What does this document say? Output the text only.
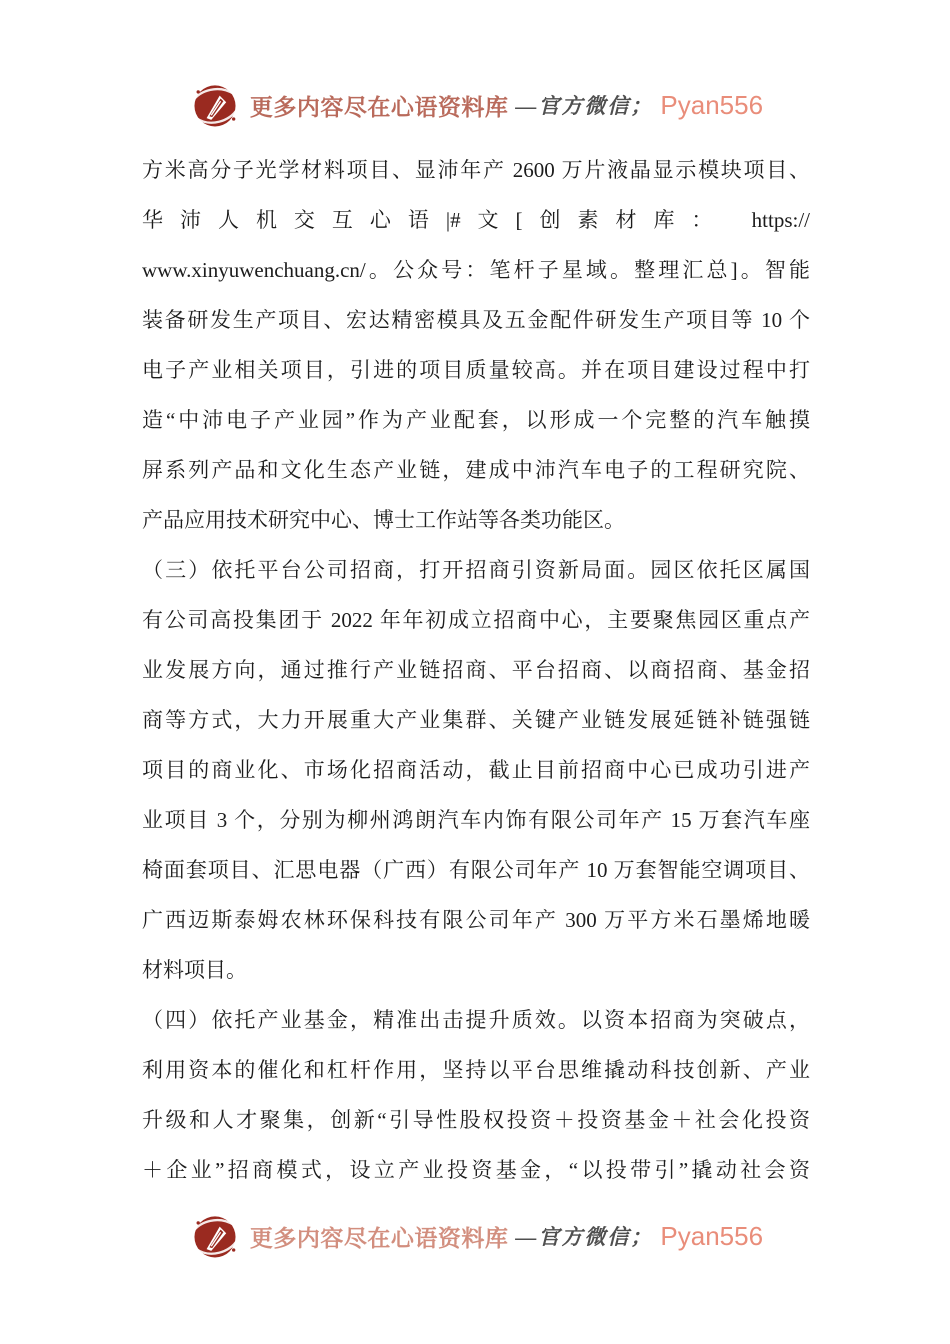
更多内容尽在心语资料库 —官方微信； Pyan556
方米高分子光学材料项目、显沛年产 2600 万片液晶显示模块项目、
华沛人机交互心语|#文[创素材库： https://
www.xinyuwenchuang.cn/。公众号：笔杆子星域。整理汇总]。智能
装备研发生产项目、宏达精密模具及五金配件研发生产项目等 10 个
电子产业相关项目，引进的项目质量较高。并在项目建设过程中打
造“中沛电子产业园”作为产业配套，以形成一个完整的汽车触摸
屏系列产品和文化生态产业链，建成中沛汽车电子的工程研究院、
产品应用技术研究中心、博士工作站等各类功能区。
（三）依托平台公司招商，打开招商引资新局面。园区依托区属国
有公司高投集团于 2022 年年初成立招商中心，主要聚焦园区重点产
业发展方向，通过推行产业链招商、平台招商、以商招商、基金招
商等方式，大力开展重大产业集群、关键产业链发展延链补链强链
项目的商业化、市场化招商活动，截止目前招商中心已成功引进产
业项目 3 个，分别为柳州鸿朗汽车内饰有限公司年产 15 万套汽车座
椅面套项目、汇思电器（广西）有限公司年产 10 万套智能空调项目、
广西迈斯泰姆农林环保科技有限公司年产 300 万平方米石墨烯地暖
材料项目。
（四）依托产业基金，精准出击提升质效。以资本招商为突破点，
利用资本的催化和杠杆作用，坚持以平台思维撬动科技创新、产业
升级和人才聚集，创新“引导性股权投资＋投资基金＋社会化投资
＋企业”招商模式，设立产业投资基金，“以投带引”撬动社会资
更多内容尽在心语资料库 —官方微信； Pyan556
